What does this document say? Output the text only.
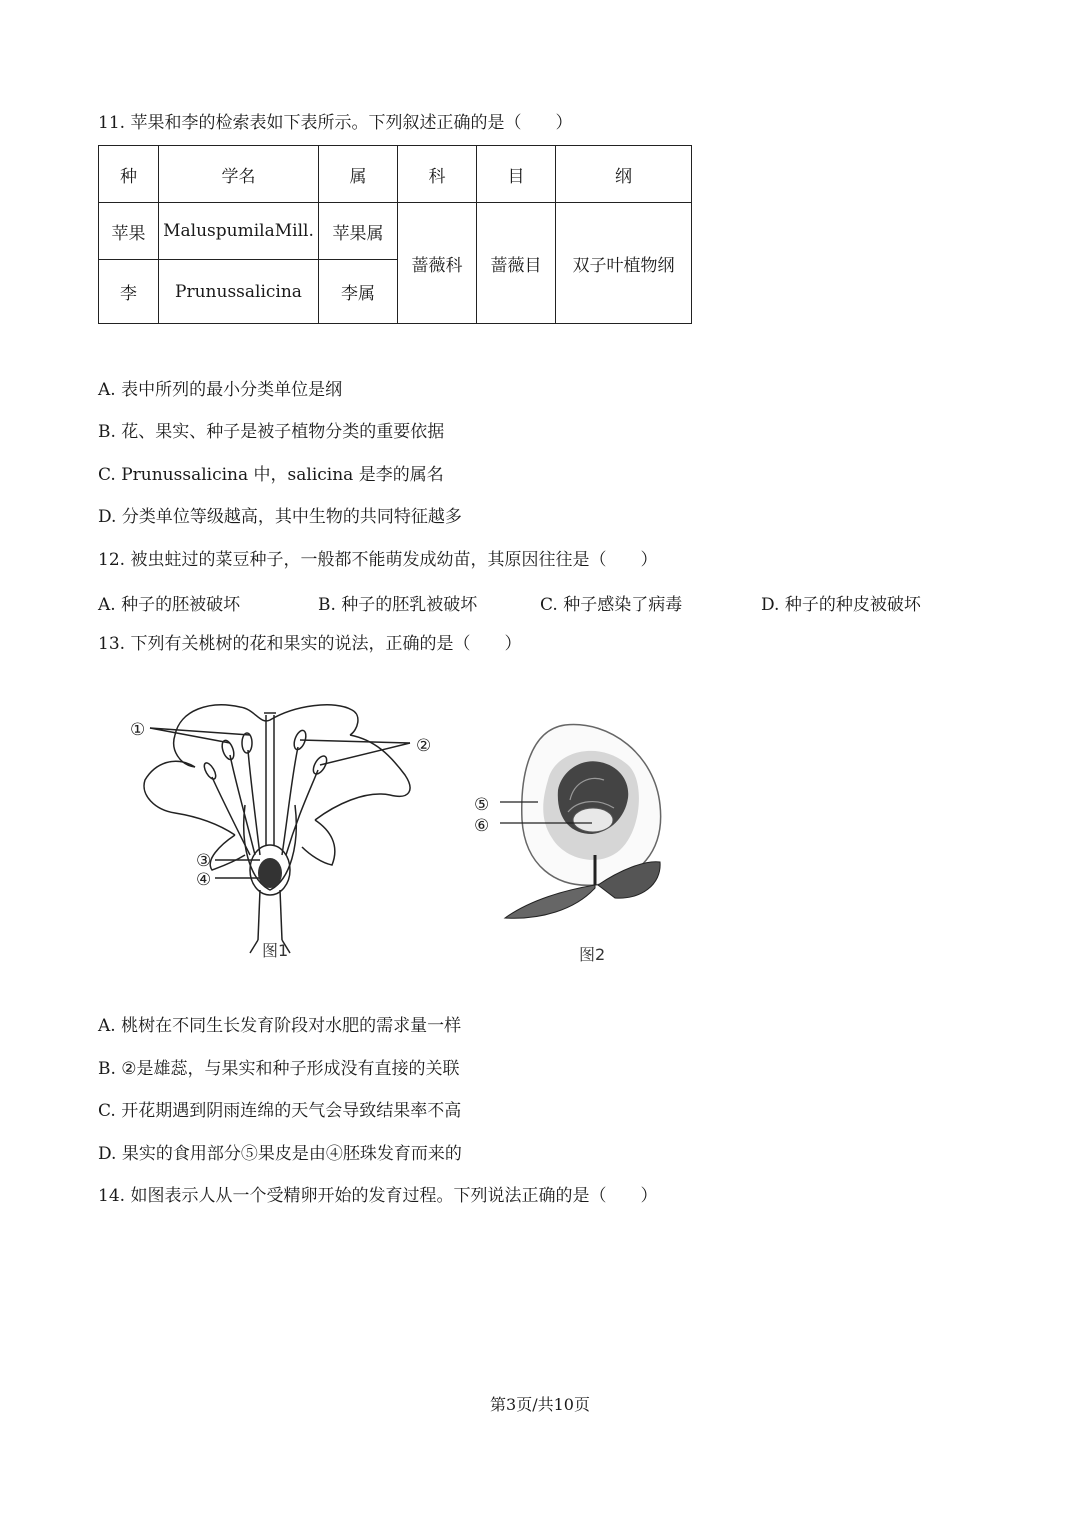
11. 苹果和李的检索表如下表所示。下列叙述正确的是（　　）
种	学名	属	科	目	纲
苹果	MaluspumilaMill.	苹果属	蔷薇科	蔷薇目	双子叶植物纲
李	Prunussalicina	李属			
A. 表中所列的最小分类单位是纲
B. 花、果实、种子是被子植物分类的重要依据
C. Prunussalicina 中，salicina 是李的属名
D. 分类单位等级越高，其中生物的共同特征越多
12. 被虫蛀过的菜豆种子，一般都不能萌发成幼苗，其原因往往是（　　）
A. 种子的胚被破坏	B. 种子的胚乳被破坏	C. 种子感染了病毒	D. 种子的种皮被破坏
13. 下列有关桃树的花和果实的说法，正确的是（　　）
①
②
③
④
图1
⑤
⑥
图2
A. 桃树在不同生长发育阶段对水肥的需求量一样
B. ②是雄蕊，与果实和种子形成没有直接的关联
C. 开花期遇到阴雨连绵的天气会导致结果率不高
D. 果实的食用部分⑤果皮是由④胚珠发育而来的
14. 如图表示人从一个受精卵开始的发育过程。下列说法正确的是（　　）
第3页/共10页
